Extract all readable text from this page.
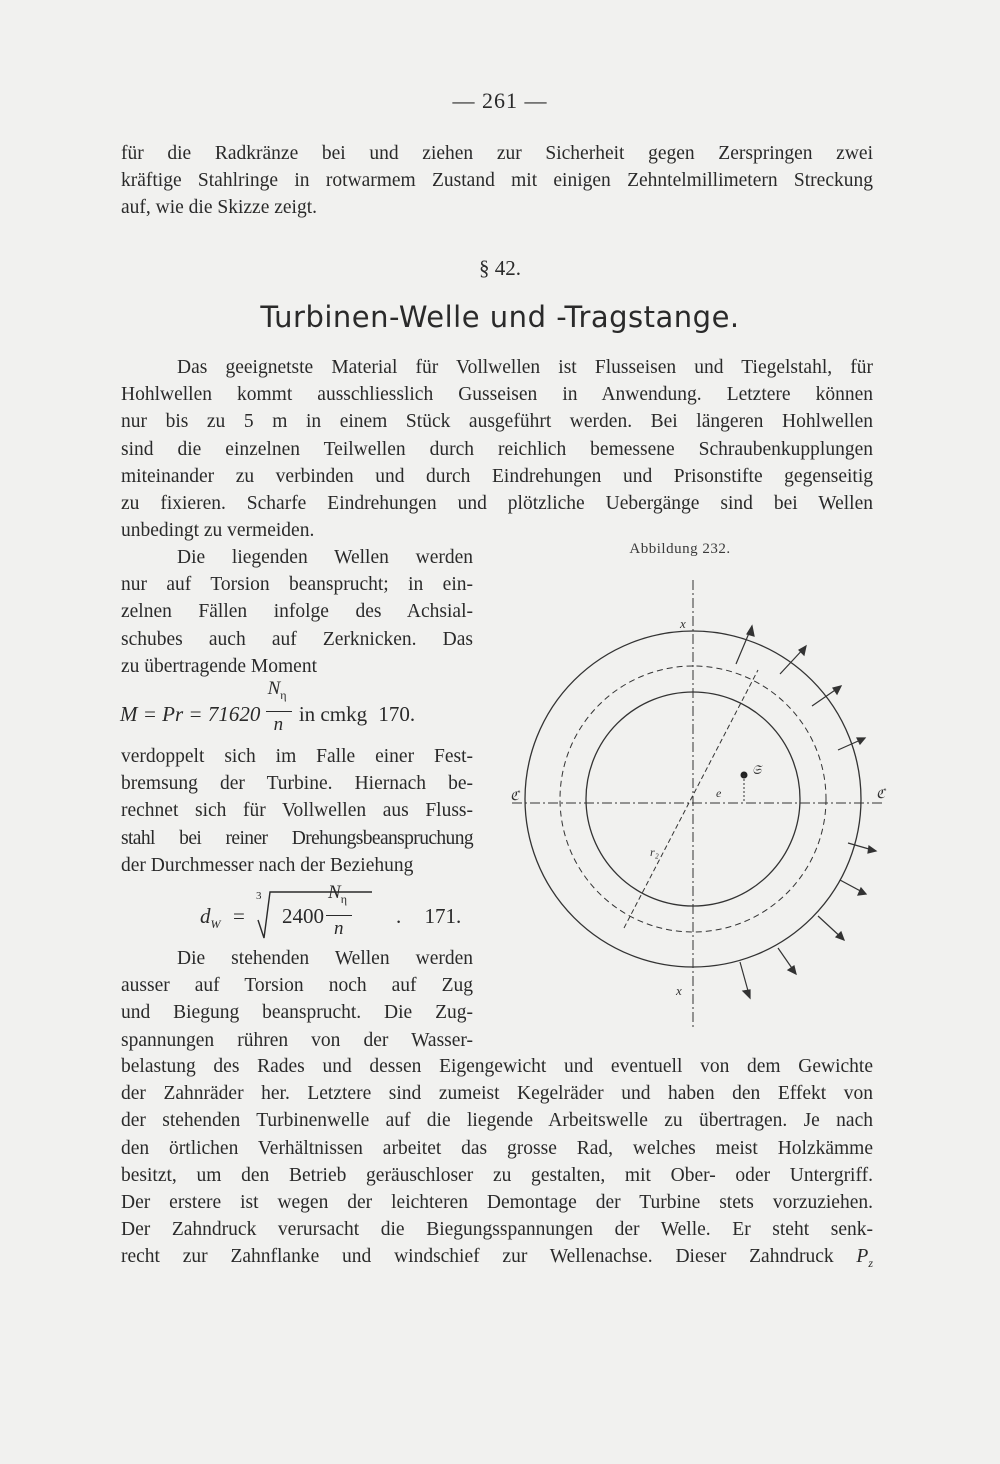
— 261 —
für die Radkränze bei und ziehen zur Sicherheit gegen Zerspringen zwei
kräftige Stahlringe in rotwarmem Zustand mit einigen Zehntelmillimetern Streckung
auf, wie die Skizze zeigt.
§ 42.
Turbinen-Welle und -Tragstange.
Das geeignetste Material für Vollwellen ist Flusseisen und Tiegelstahl, für
Hohlwellen kommt ausschliesslich Gusseisen in Anwendung. Letztere können
nur bis zu 5 m in einem Stück ausgeführt werden. Bei längeren Hohlwellen
sind die einzelnen Teilwellen durch reichlich bemessene Schraubenkupplungen
miteinander zu verbinden und durch Eindrehungen und Prisonstifte gegenseitig
zu fixieren. Scharfe Eindrehungen und plötzliche Uebergänge sind bei Wellen
unbedingt zu vermeiden.
Die liegenden Wellen werden
nur auf Torsion beansprucht; in ein-
zelnen Fällen infolge des Achsial-
schubes auch auf Zerknicken. Das
zu übertragende Moment
$M = Pr = 71620 \frac{N_\eta}{n}$ in cmkg 170.
verdoppelt sich im Falle einer Fest-
bremsung der Turbine. Hiernach be-
rechnet sich für Vollwellen aus Fluss-
stahl bei reiner Drehungsbeanspruchung
der Durchmesser nach der Beziehung
$d_W$ =
3
2400
$N_\eta$
n
. 171.
Die stehenden Wellen werden
ausser auf Torsion noch auf Zug
und Biegung beansprucht. Die Zug-
spannungen rühren von der Wasser-
belastung des Rades und dessen Eigengewicht und eventuell von dem Gewichte
der Zahnräder her. Letztere sind zumeist Kegelräder und haben den Effekt von
der stehenden Turbinenwelle auf die liegende Arbeitswelle zu übertragen. Je nach
den örtlichen Verhältnissen arbeitet das grosse Rad, welches meist Holzkämme
besitzt, um den Betrieb geräuschloser zu gestalten, mit Ober- oder Untergriff.
Der erstere ist wegen der leichteren Demontage der Turbine stets vorzuziehen.
Der Zahndruck verursacht die Biegungsspannungen der Welle. Er steht senk-
recht zur Zahnflanke und windschief zur Wellenachse. Dieser Zahndruck $P_z$
Abbildung 232.
x
x
ℭ	ℭ
𝔖
e
r₂
